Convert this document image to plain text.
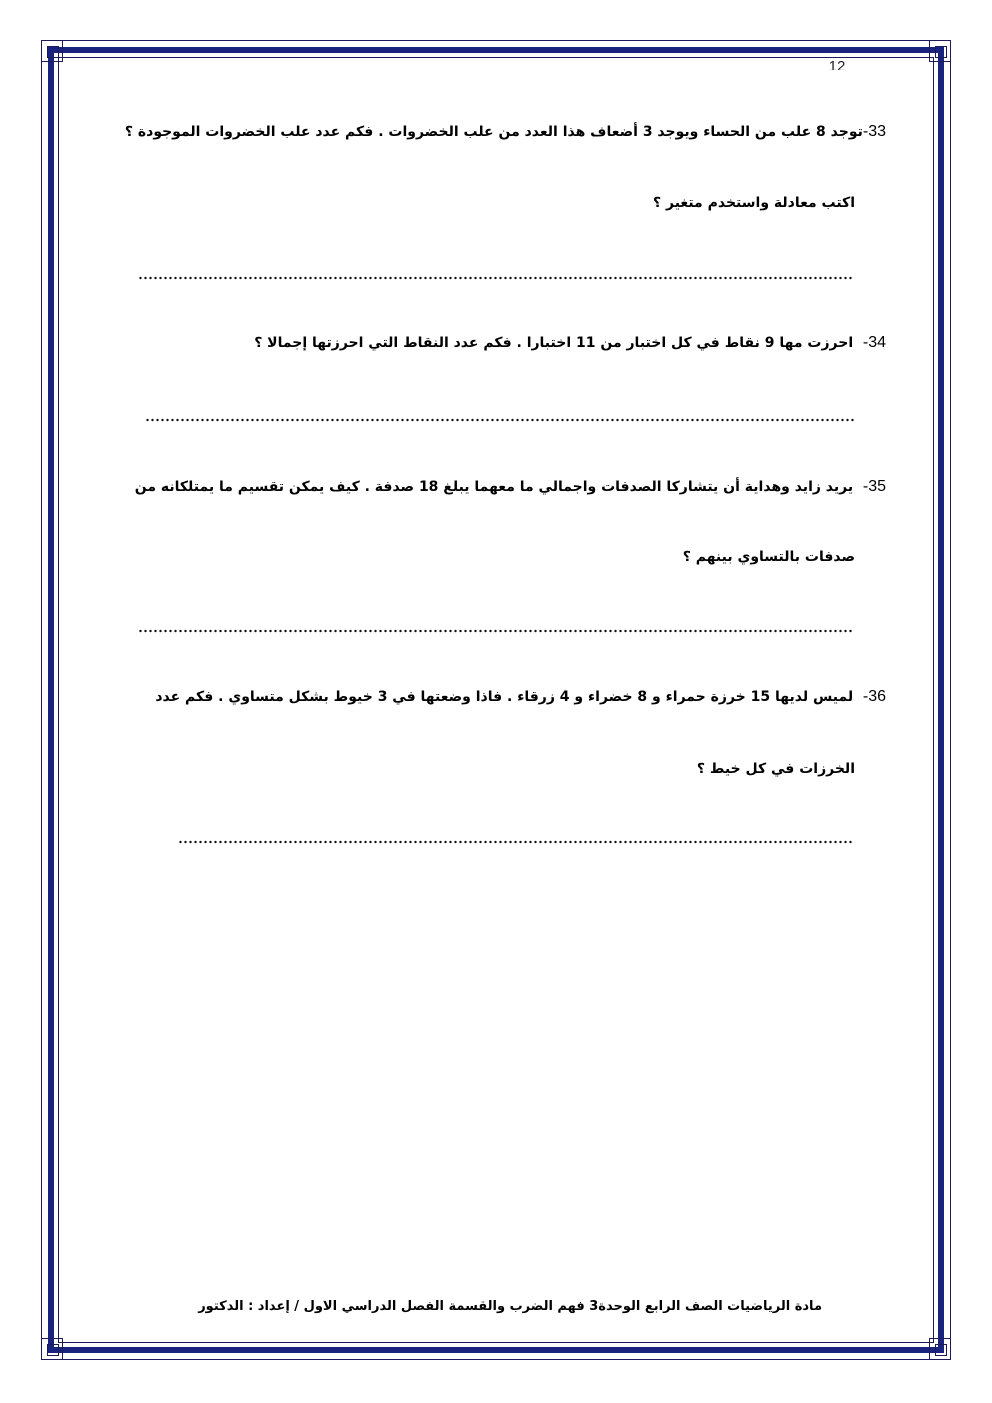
12
33-توجد 8 علب من الحساء ويوجد 3 أضعاف هذا العدد من علب الخضروات . فكم عدد علب الخضروات الموجودة ؟
اكتب معادلة واستخدم متغير ؟
34-  احرزت مها 9 نقاط في كل اختبار من 11 اختبارا . فكم عدد النقاط التي احرزتها إجمالا ؟
35-  يريد زايد وهداية أن يتشاركا الصدفات واجمالي ما معهما يبلغ 18 صدفة . كيف يمكن تقسيم ما يمتلكانه من
صدفات بالتساوي بينهم ؟
36-  لميس لديها 15 خرزة حمراء و 8 خضراء و 4 زرقاء . فاذا وضعتها في 3 خيوط بشكل متساوي . فكم عدد
الخرزات في كل خيط ؟
مادة الرياضيات الصف الرابع الوحدة3 فهم الضرب والقسمة الفصل الدراسي الاول / إعداد : الدكتور
